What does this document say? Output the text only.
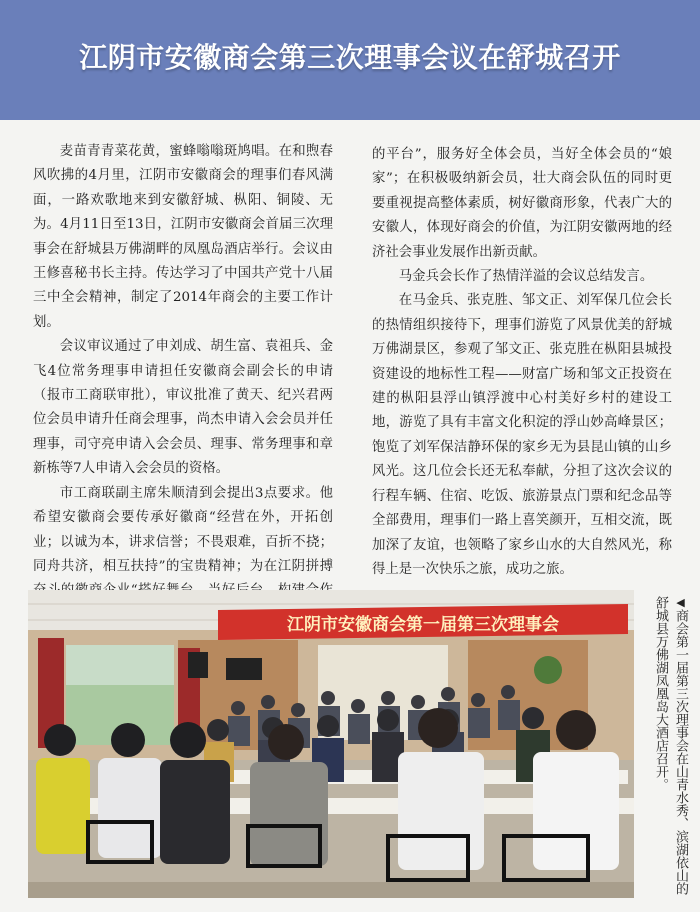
江阴市安徽商会第三次理事会议在舒城召开

麦苗青青菜花黄，蜜蜂嗡嗡斑鸠唱。在和煦春风吹拂的4月里，江阴市安徽商会的理事们春风满面，一路欢歌地来到安徽舒城、枞阳、铜陵、无为。4月11日至13日，江阴市安徽商会首届三次理事会在舒城县万佛湖畔的凤凰岛酒店举行。会议由王修喜秘书长主持。传达学习了中国共产党十八届三中全会精神，制定了2014年商会的主要工作计划。

会议审议通过了申刘成、胡生富、袁祖兵、金飞4位常务理事申请担任安徽商会副会长的申请（报市工商联审批），审议批准了黄天、纪兴君两位会员申请升任商会理事，尚杰申请入会会员并任理事，司守亮申请入会会员、理事、常务理事和章新栋等7人申请入会会员的资格。

市工商联副主席朱顺清到会提出3点要求。他希望安徽商会要传承好徽商“经营在外，开拓创业；以诚为本，讲求信誉；不畏艰难，百折不挠；同舟共济，相互扶持”的宝贵精神；为在江阴拼搏

的平台”，服务好全体会员，当好全体会员的“娘家”；在积极吸纳新会员，壮大商会队伍的同时更要重视提高整体素质，树好徽商形象，代表广大的安徽人，体现好商会的价值，为江阴安徽两地的经济社会事业发展作出新贡献。

马金兵会长作了热情洋溢的会议总结发言。

在马金兵、张克胜、邹文正、刘军保几位会长的热情组织接待下，理事们游览了风景优美的舒城万佛湖景区，参观了邹文正、张克胜在枞阳县城投资建设的地标性工程——财富广场和邹文正投资在建的枞阳县浮山镇浮渡中心村美好乡村的建设工地，游览了具有丰富文化积淀的浮山妙高峰景区；饱览了刘军保洁静环保的家乡无为县昆山镇的山乡风光。这几位会长还无私奉献，分担了这次会议的行程车辆、住宿、吃饭、旅游景点门票和纪念品等全部费用，理事们一路上喜笑颜开，互相交流，既加深了友谊，也领略了家乡山水的大自然风光，称得上是一次快乐之旅，成功之旅。

江阴市安徽商会第一届第三次理事会
◀商会第一届第三次理事会在山青水秀、滨湖依山的舒城县万佛湖凤凰岛大酒店召开。
